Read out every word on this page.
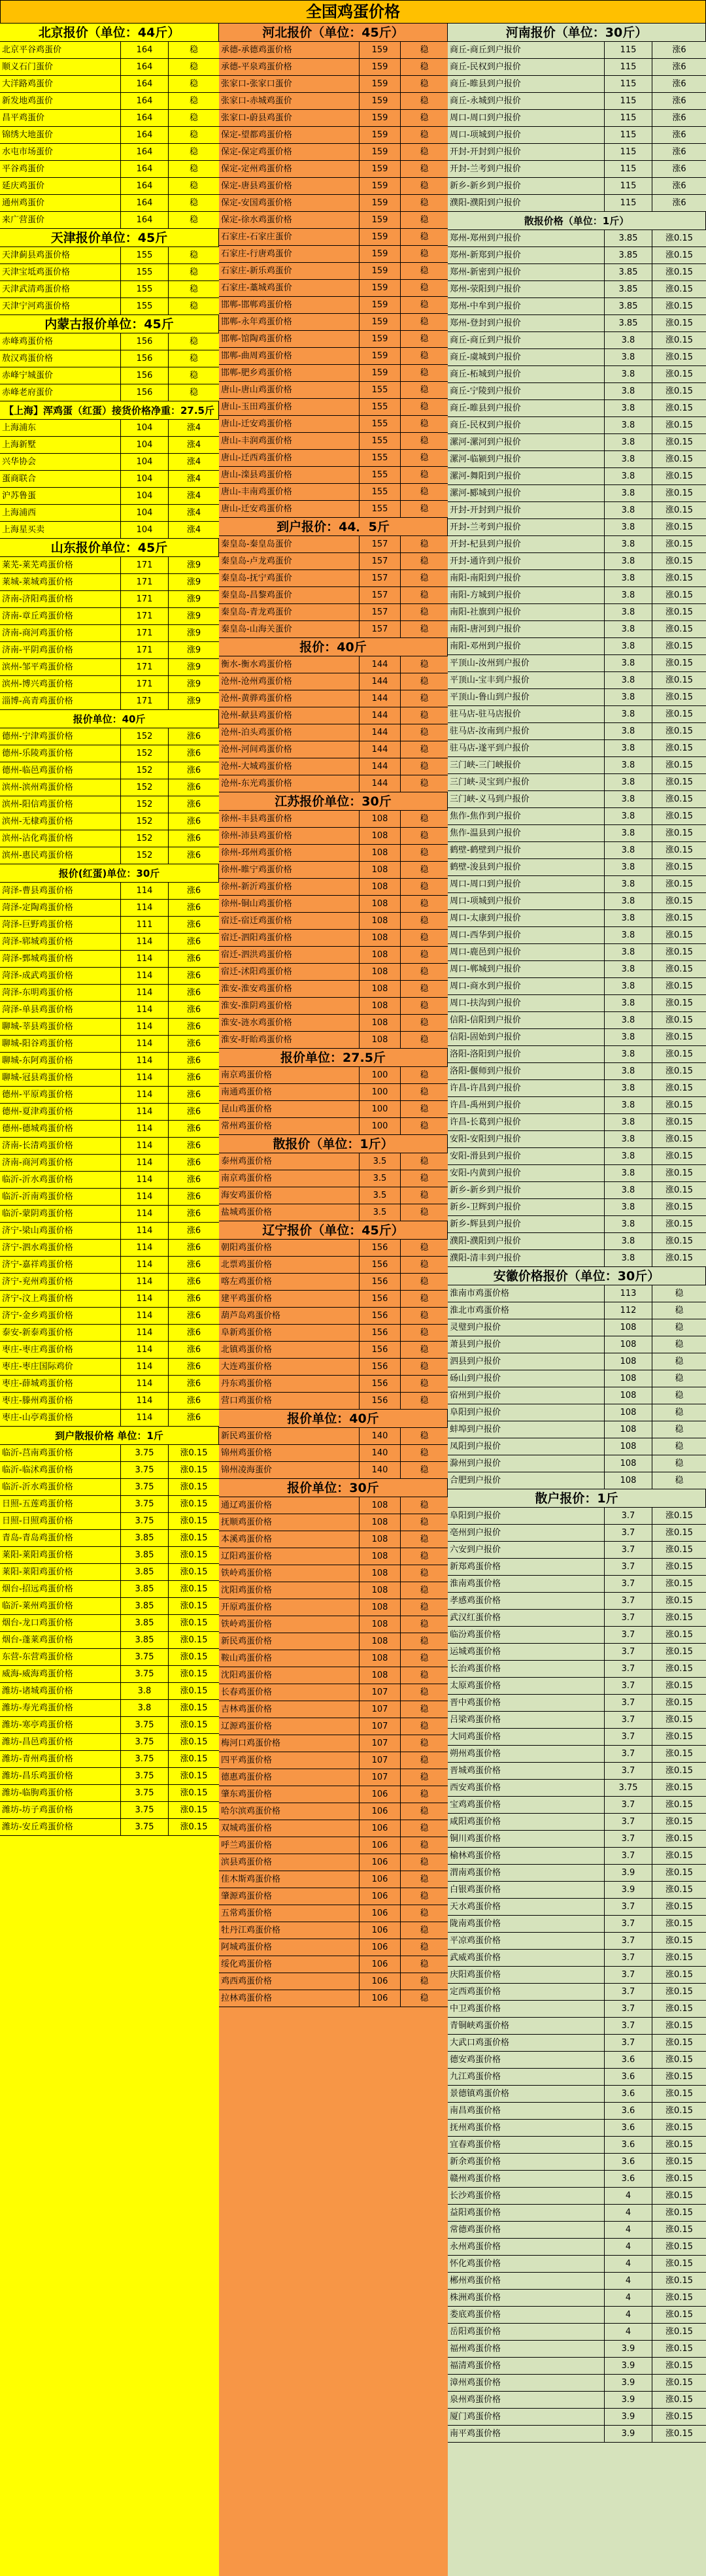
全国鸡蛋价格
北京报价（单位：44斤）
北京平谷鸡蛋价	164	稳
顺义石门蛋价	164	稳
大洋路鸡蛋价	164	稳
新发地鸡蛋价	164	稳
昌平鸡蛋价	164	稳
锦绣大地蛋价	164	稳
水屯市场蛋价	164	稳
平谷鸡蛋价	164	稳
延庆鸡蛋价	164	稳
通州鸡蛋价	164	稳
来广营蛋价	164	稳
天津报价单位：45斤
天津蓟县鸡蛋价格	155	稳
天津宝坻鸡蛋价格	155	稳
天津武清鸡蛋价格	155	稳
天津宁河鸡蛋价格	155	稳
内蒙古报价单位：45斤
赤峰鸡蛋价格	156	稳
敖汉鸡蛋价格	156	稳
赤峰宁城蛋价	156	稳
赤峰老府蛋价	156	稳
【上海】浑鸡蛋（红蛋）接货价格净重：27.5斤
上海浦东	104	涨4
上海新墅	104	涨4
兴华协会	104	涨4
蛋商联合	104	涨4
沪苏鲁蛋	104	涨4
上海浦西	104	涨4
上海星买卖	104	涨4
山东报价单位：45斤
莱芜-莱芜鸡蛋价格	171	涨9
莱城-莱城鸡蛋价格	171	涨9
济南-济阳鸡蛋价格	171	涨9
济南-章丘鸡蛋价格	171	涨9
济南-商河鸡蛋价格	171	涨9
济南-平阴鸡蛋价格	171	涨9
滨州-邹平鸡蛋价格	171	涨9
滨州-博兴鸡蛋价格	171	涨9
淄博-高青鸡蛋价格	171	涨9
报价单位：40斤
德州-宁津鸡蛋价格	152	涨6
德州-乐陵鸡蛋价格	152	涨6
德州-临邑鸡蛋价格	152	涨6
滨州-滨州鸡蛋价格	152	涨6
滨州-阳信鸡蛋价格	152	涨6
滨州-无棣鸡蛋价格	152	涨6
滨州-沾化鸡蛋价格	152	涨6
滨州-惠民鸡蛋价格	152	涨6
报价(红蛋)单位：30斤
菏泽-曹县鸡蛋价格	114	涨6
菏泽-定陶鸡蛋价格	114	涨6
菏泽-巨野鸡蛋价格	111	涨6
菏泽-郓城鸡蛋价格	114	涨6
菏泽-鄄城鸡蛋价格	114	涨6
菏泽-成武鸡蛋价格	114	涨6
菏泽-东明鸡蛋价格	114	涨6
菏泽-单县鸡蛋价格	114	涨6
聊城-莘县鸡蛋价格	114	涨6
聊城-阳谷鸡蛋价格	114	涨6
聊城-东阿鸡蛋价格	114	涨6
聊城-冠县鸡蛋价格	114	涨6
德州-平原鸡蛋价格	114	涨6
德州-夏津鸡蛋价格	114	涨6
德州-德城鸡蛋价格	114	涨6
济南-长清鸡蛋价格	114	涨6
济南-商河鸡蛋价格	114	涨6
临沂-沂水鸡蛋价格	114	涨6
临沂-沂南鸡蛋价格	114	涨6
临沂-蒙阴鸡蛋价格	114	涨6
济宁-梁山鸡蛋价格	114	涨6
济宁-泗水鸡蛋价格	114	涨6
济宁-嘉祥鸡蛋价格	114	涨6
济宁-兖州鸡蛋价格	114	涨6
济宁-汶上鸡蛋价格	114	涨6
济宁-金乡鸡蛋价格	114	涨6
泰安-新泰鸡蛋价格	114	涨6
枣庄-枣庄鸡蛋价格	114	涨6
枣庄-枣庄国际鸡价	114	涨6
枣庄-薛城鸡蛋价格	114	涨6
枣庄-滕州鸡蛋价格	114	涨6
枣庄-山亭鸡蛋价格	114	涨6
到户散报价格 单位：1斤
临沂-莒南鸡蛋价格	3.75	涨0.15
临沂-临沭鸡蛋价格	3.75	涨0.15
临沂-沂水鸡蛋价格	3.75	涨0.15
日照-五莲鸡蛋价格	3.75	涨0.15
日照-日照鸡蛋价格	3.75	涨0.15
青岛-青岛鸡蛋价格	3.85	涨0.15
莱阳-莱阳鸡蛋价格	3.85	涨0.15
莱阳-莱阳鸡蛋价格	3.85	涨0.15
烟台-招远鸡蛋价格	3.85	涨0.15
临沂-莱州鸡蛋价格	3.85	涨0.15
烟台-龙口鸡蛋价格	3.85	涨0.15
烟台-蓬莱鸡蛋价格	3.85	涨0.15
东营-东营鸡蛋价格	3.75	涨0.15
威海-威海鸡蛋价格	3.75	涨0.15
潍坊-诸城鸡蛋价格	3.8	涨0.15
潍坊-寿光鸡蛋价格	3.8	涨0.15
潍坊-寒亭鸡蛋价格	3.75	涨0.15
潍坊-昌邑鸡蛋价格	3.75	涨0.15
潍坊-青州鸡蛋价格	3.75	涨0.15
潍坊-昌乐鸡蛋价格	3.75	涨0.15
潍坊-临朐鸡蛋价格	3.75	涨0.15
潍坊-坊子鸡蛋价格	3.75	涨0.15
潍坊-安丘鸡蛋价格	3.75	涨0.15
河北报价（单位：45斤）
承德-承德鸡蛋价格	159	稳
承德-平泉鸡蛋价格	159	稳
张家口-张家口蛋价	159	稳
张家口-赤城鸡蛋价	159	稳
张家口-蔚县鸡蛋价	159	稳
保定-望都鸡蛋价格	159	稳
保定-保定鸡蛋价格	159	稳
保定-定州鸡蛋价格	159	稳
保定-唐县鸡蛋价格	159	稳
保定-安国鸡蛋价格	159	稳
保定-徐水鸡蛋价格	159	稳
石家庄-石家庄蛋价	159	稳
石家庄-行唐鸡蛋价	159	稳
石家庄-新乐鸡蛋价	159	稳
石家庄-藁城鸡蛋价	159	稳
邯郸-邯郸鸡蛋价格	159	稳
邯郸-永年鸡蛋价格	159	稳
邯郸-馆陶鸡蛋价格	159	稳
邯郸-曲周鸡蛋价格	159	稳
邯郸-肥乡鸡蛋价格	159	稳
唐山-唐山鸡蛋价格	155	稳
唐山-玉田鸡蛋价格	155	稳
唐山-迁安鸡蛋价格	155	稳
唐山-丰润鸡蛋价格	155	稳
唐山-迁西鸡蛋价格	155	稳
唐山-滦县鸡蛋价格	155	稳
唐山-丰南鸡蛋价格	155	稳
唐山-迁安鸡蛋价格	155	稳
到户报价：44．5斤
秦皇岛-秦皇岛蛋价	157	稳
秦皇岛-卢龙鸡蛋价	157	稳
秦皇岛-抚宁鸡蛋价	157	稳
秦皇岛-昌黎鸡蛋价	157	稳
秦皇岛-青龙鸡蛋价	157	稳
秦皇岛-山海关蛋价	157	稳
报价：40斤
衡水-衡水鸡蛋价格	144	稳
沧州-沧州鸡蛋价格	144	稳
沧州-黄骅鸡蛋价格	144	稳
沧州-献县鸡蛋价格	144	稳
沧州-泊头鸡蛋价格	144	稳
沧州-河间鸡蛋价格	144	稳
沧州-大城鸡蛋价格	144	稳
沧州-东光鸡蛋价格	144	稳
江苏报价单位：30斤
徐州-丰县鸡蛋价格	108	稳
徐州-沛县鸡蛋价格	108	稳
徐州-邳州鸡蛋价格	108	稳
徐州-睢宁鸡蛋价格	108	稳
徐州-新沂鸡蛋价格	108	稳
徐州-铜山鸡蛋价格	108	稳
宿迁-宿迁鸡蛋价格	108	稳
宿迁-泗阳鸡蛋价格	108	稳
宿迁-泗洪鸡蛋价格	108	稳
宿迁-沭阳鸡蛋价格	108	稳
淮安-淮安鸡蛋价格	108	稳
淮安-淮阴鸡蛋价格	108	稳
淮安-涟水鸡蛋价格	108	稳
淮安-盱眙鸡蛋价格	108	稳
报价单位：27.5斤
南京鸡蛋价格	100	稳
南通鸡蛋价格	100	稳
昆山鸡蛋价格	100	稳
常州鸡蛋价格	100	稳
散报价（单位：1斤）
泰州鸡蛋价格	3.5	稳
南京鸡蛋价格	3.5	稳
海安鸡蛋价格	3.5	稳
盐城鸡蛋价格	3.5	稳
辽宁报价（单位：45斤）
朝阳鸡蛋价格	156	稳
北票鸡蛋价格	156	稳
喀左鸡蛋价格	156	稳
建平鸡蛋价格	156	稳
葫芦岛鸡蛋价格	156	稳
阜新鸡蛋价格	156	稳
北镇鸡蛋价格	156	稳
大连鸡蛋价格	156	稳
丹东鸡蛋价格	156	稳
营口鸡蛋价格	156	稳
报价单位：40斤
新民鸡蛋价格	140	稳
锦州鸡蛋价格	140	稳
锦州凌海蛋价	140	稳
报价单位：30斤
通辽鸡蛋价格	108	稳
抚顺鸡蛋价格	108	稳
本溪鸡蛋价格	108	稳
辽阳鸡蛋价格	108	稳
铁岭鸡蛋价格	108	稳
沈阳鸡蛋价格	108	稳
开原鸡蛋价格	108	稳
铁岭鸡蛋价格	108	稳
新民鸡蛋价格	108	稳
鞍山鸡蛋价格	108	稳
沈阳鸡蛋价格	108	稳
长春鸡蛋价格	107	稳
吉林鸡蛋价格	107	稳
辽源鸡蛋价格	107	稳
梅河口鸡蛋价格	107	稳
四平鸡蛋价格	107	稳
德惠鸡蛋价格	107	稳
肇东鸡蛋价格	106	稳
哈尔滨鸡蛋价格	106	稳
双城鸡蛋价格	106	稳
呼兰鸡蛋价格	106	稳
滨县鸡蛋价格	106	稳
佳木斯鸡蛋价格	106	稳
肇源鸡蛋价格	106	稳
五常鸡蛋价格	106	稳
牡丹江鸡蛋价格	106	稳
阿城鸡蛋价格	106	稳
绥化鸡蛋价格	106	稳
鸡西鸡蛋价格	106	稳
拉林鸡蛋价格	106	稳
河南报价（单位：30斤）
商丘-商丘到户报价	115	涨6
商丘-民权到户报价	115	涨6
商丘-睢县到户报价	115	涨6
商丘-永城到户报价	115	涨6
周口-周口到户报价	115	涨6
周口-项城到户报价	115	涨6
开封-开封到户报价	115	涨6
开封-兰考到户报价	115	涨6
新乡-新乡到户报价	115	涨6
濮阳-濮阳到户报价	115	涨6
散报价格（单位：1斤）
郑州-郑州到户报价	3.85	涨0.15
郑州-新郑到户报价	3.85	涨0.15
郑州-新密到户报价	3.85	涨0.15
郑州-荥阳到户报价	3.85	涨0.15
郑州-中牟到户报价	3.85	涨0.15
郑州-登封到户报价	3.85	涨0.15
商丘-商丘到户报价	3.8	涨0.15
商丘-虞城到户报价	3.8	涨0.15
商丘-柘城到户报价	3.8	涨0.15
商丘-宁陵到户报价	3.8	涨0.15
商丘-睢县到户报价	3.8	涨0.15
商丘-民权到户报价	3.8	涨0.15
漯河-漯河到户报价	3.8	涨0.15
漯河-临颍到户报价	3.8	涨0.15
漯河-舞阳到户报价	3.8	涨0.15
漯河-郾城到户报价	3.8	涨0.15
开封-开封到户报价	3.8	涨0.15
开封-兰考到户报价	3.8	涨0.15
开封-杞县到户报价	3.8	涨0.15
开封-通许到户报价	3.8	涨0.15
南阳-南阳到户报价	3.8	涨0.15
南阳-方城到户报价	3.8	涨0.15
南阳-社旗到户报价	3.8	涨0.15
南阳-唐河到户报价	3.8	涨0.15
南阳-邓州到户报价	3.8	涨0.15
平顶山-汝州到户报价	3.8	涨0.15
平顶山-宝丰到户报价	3.8	涨0.15
平顶山-鲁山到户报价	3.8	涨0.15
驻马店-驻马店报价	3.8	涨0.15
驻马店-汝南到户报价	3.8	涨0.15
驻马店-遂平到户报价	3.8	涨0.15
三门峡-三门峡报价	3.8	涨0.15
三门峡-灵宝到户报价	3.8	涨0.15
三门峡-义马到户报价	3.8	涨0.15
焦作-焦作到户报价	3.8	涨0.15
焦作-温县到户报价	3.8	涨0.15
鹤壁-鹤壁到户报价	3.8	涨0.15
鹤壁-浚县到户报价	3.8	涨0.15
周口-周口到户报价	3.8	涨0.15
周口-项城到户报价	3.8	涨0.15
周口-太康到户报价	3.8	涨0.15
周口-西华到户报价	3.8	涨0.15
周口-鹿邑到户报价	3.8	涨0.15
周口-郸城到户报价	3.8	涨0.15
周口-商水到户报价	3.8	涨0.15
周口-扶沟到户报价	3.8	涨0.15
信阳-信阳到户报价	3.8	涨0.15
信阳-固始到户报价	3.8	涨0.15
洛阳-洛阳到户报价	3.8	涨0.15
洛阳-偃师到户报价	3.8	涨0.15
许昌-许昌到户报价	3.8	涨0.15
许昌-禹州到户报价	3.8	涨0.15
许昌-长葛到户报价	3.8	涨0.15
安阳-安阳到户报价	3.8	涨0.15
安阳-滑县到户报价	3.8	涨0.15
安阳-内黄到户报价	3.8	涨0.15
新乡-新乡到户报价	3.8	涨0.15
新乡-卫辉到户报价	3.8	涨0.15
新乡-辉县到户报价	3.8	涨0.15
濮阳-濮阳到户报价	3.8	涨0.15
濮阳-清丰到户报价	3.8	涨0.15
安徽价格报价（单位：30斤）
淮南市鸡蛋价格	113	稳
淮北市鸡蛋价格	112	稳
灵璧到户报价	108	稳
萧县到户报价	108	稳
泗县到户报价	108	稳
砀山到户报价	108	稳
宿州到户报价	108	稳
阜阳到户报价	108	稳
蚌埠到户报价	108	稳
凤阳到户报价	108	稳
滁州到户报价	108	稳
合肥到户报价	108	稳
散户报价：1斤
阜阳到户报价	3.7	涨0.15
亳州到户报价	3.7	涨0.15
六安到户报价	3.7	涨0.15
新郑鸡蛋价格	3.7	涨0.15
淮南鸡蛋价格	3.7	涨0.15
孝感鸡蛋价格	3.7	涨0.15
武汉红蛋价格	3.7	涨0.15
临汾鸡蛋价格	3.7	涨0.15
运城鸡蛋价格	3.7	涨0.15
长治鸡蛋价格	3.7	涨0.15
太原鸡蛋价格	3.7	涨0.15
晋中鸡蛋价格	3.7	涨0.15
吕梁鸡蛋价格	3.7	涨0.15
大同鸡蛋价格	3.7	涨0.15
朔州鸡蛋价格	3.7	涨0.15
晋城鸡蛋价格	3.7	涨0.15
西安鸡蛋价格	3.75	涨0.15
宝鸡鸡蛋价格	3.7	涨0.15
咸阳鸡蛋价格	3.7	涨0.15
铜川鸡蛋价格	3.7	涨0.15
榆林鸡蛋价格	3.7	涨0.15
渭南鸡蛋价格	3.9	涨0.15
白银鸡蛋价格	3.9	涨0.15
天水鸡蛋价格	3.7	涨0.15
陇南鸡蛋价格	3.7	涨0.15
平凉鸡蛋价格	3.7	涨0.15
武威鸡蛋价格	3.7	涨0.15
庆阳鸡蛋价格	3.7	涨0.15
定西鸡蛋价格	3.7	涨0.15
中卫鸡蛋价格	3.7	涨0.15
青铜峡鸡蛋价格	3.7	涨0.15
大武口鸡蛋价格	3.7	涨0.15
德安鸡蛋价格	3.6	涨0.15
九江鸡蛋价格	3.6	涨0.15
景德镇鸡蛋价格	3.6	涨0.15
南昌鸡蛋价格	3.6	涨0.15
抚州鸡蛋价格	3.6	涨0.15
宜春鸡蛋价格	3.6	涨0.15
新余鸡蛋价格	3.6	涨0.15
赣州鸡蛋价格	3.6	涨0.15
长沙鸡蛋价格	4	涨0.15
益阳鸡蛋价格	4	涨0.15
常德鸡蛋价格	4	涨0.15
永州鸡蛋价格	4	涨0.15
怀化鸡蛋价格	4	涨0.15
郴州鸡蛋价格	4	涨0.15
株洲鸡蛋价格	4	涨0.15
娄底鸡蛋价格	4	涨0.15
岳阳鸡蛋价格	4	涨0.15
福州鸡蛋价格	3.9	涨0.15
福清鸡蛋价格	3.9	涨0.15
漳州鸡蛋价格	3.9	涨0.15
泉州鸡蛋价格	3.9	涨0.15
厦门鸡蛋价格	3.9	涨0.15
南平鸡蛋价格	3.9	涨0.15
